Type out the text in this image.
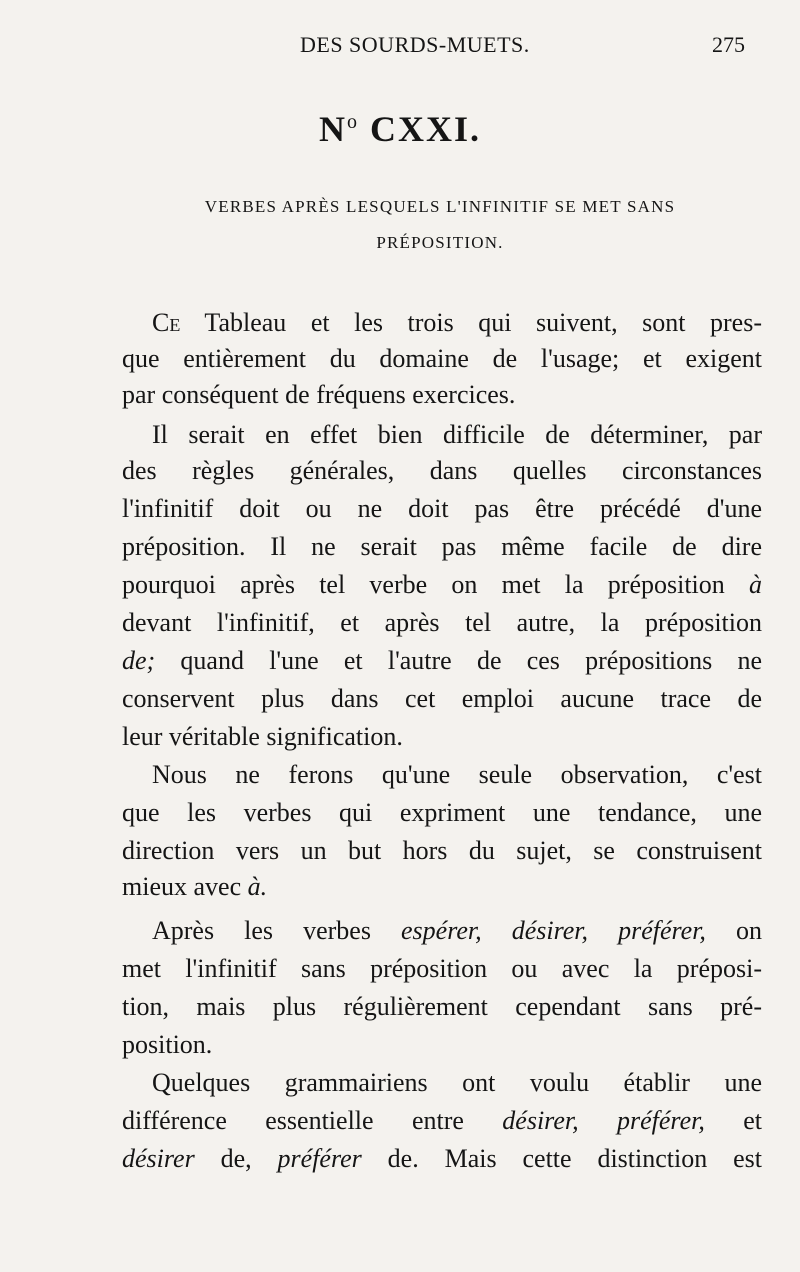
DES SOURDS-MUETS.	275
$N^o$ CXXI.
VERBES APRÈS LESQUELS L'INFINITIF SE MET SANS
PRÉPOSITION.
Ce Tableau et les trois qui suivent, sont pres-
que entièrement du domaine de l'usage; et exigent
par conséquent de fréquens exercices.
Il serait en effet bien difficile de déterminer, par
des règles générales, dans quelles circonstances
l'infinitif doit ou ne doit pas être précédé d'une
préposition. Il ne serait pas même facile de dire
pourquoi après tel verbe on met la préposition à
devant l'infinitif, et après tel autre, la préposition
de; quand l'une et l'autre de ces prépositions ne
conservent plus dans cet emploi aucune trace de
leur véritable signification.
Nous ne ferons qu'une seule observation, c'est
que les verbes qui expriment une tendance, une
direction vers un but hors du sujet, se construisent
mieux avec à.
Après les verbes espérer, désirer, préférer, on
met l'infinitif sans préposition ou avec la préposi-
tion, mais plus régulièrement cependant sans pré-
position.
Quelques grammairiens ont voulu établir une
différence essentielle entre désirer, préférer, et
désirer de, préférer de. Mais cette distinction est
